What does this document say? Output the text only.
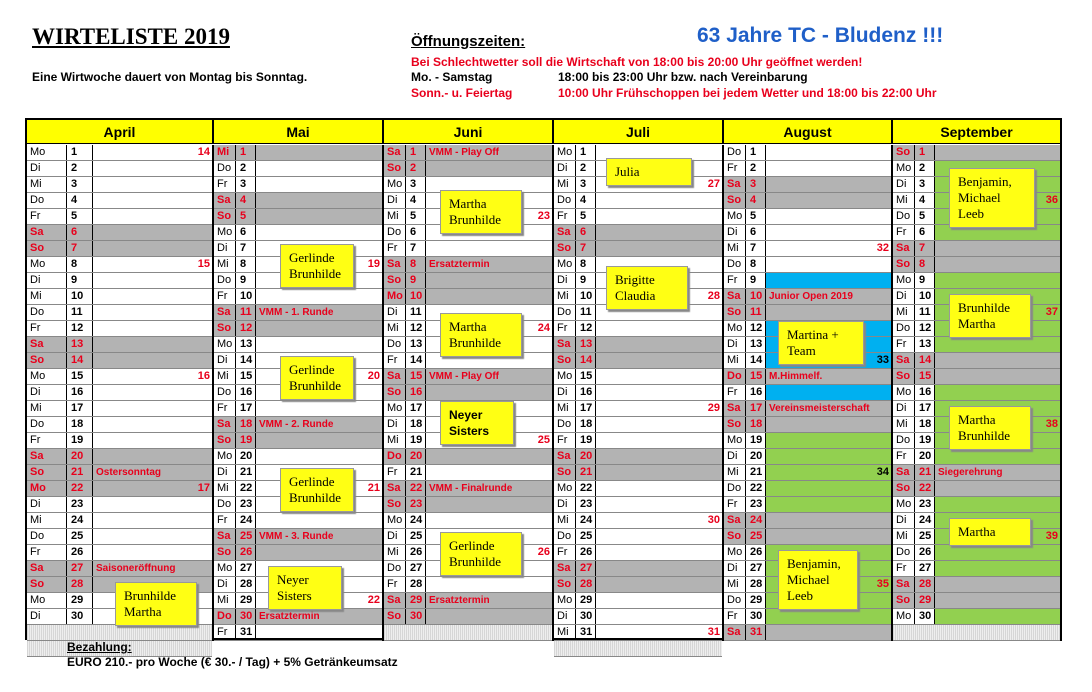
WIRTELISTE 2019
Eine Wirtwoche dauert von Montag bis Sonntag.
Öffnungszeiten:	63 Jahre TC - Bludenz !!!
Bei Schlechtwetter soll die Wirtschaft von 18:00 bis 20:00 Uhr geöffnet werden!
Mo. - Samstag	18:00 bis 23:00 Uhr bzw. nach Vereinbarung
Sonn.- u. Feiertag	10:00 Uhr Frühschoppen bei jedem Wetter und 18:00 bis 22:00 Uhr
April
Mo	1	14
Di	2
Mi	3
Do	4
Fr	5
Sa	6
So	7
Mo	8	15
Di	9
Mi	10
Do	11
Fr	12
Sa	13
So	14
Mo	15	16
Di	16
Mi	17
Do	18
Fr	19
Sa	20
So	21	Ostersonntag
Mo	22	17
Di	23
Mi	24
Do	25
Fr	26
Sa	27	Saisoneröffnung
So	28
Mo	29
Di	30
Mai
Mi 1
Do 2
Fr	3
Sa 4
So 5
Mo 6
Di	7
Mi	8	19
Do 9
Fr	10
Sa 11 VMM - 1. Runde
So 12
Mo 13
Di	14
Mi	15	20
Do 16
Fr	17
Sa 18 VMM - 2. Runde
So 19
Mo 20
Di	21
Mi	22	21
Do 23
Fr	24
Sa 25 VMM - 3. Runde
So 26
Mo 27
Di	28
Mi	29	22
Do 30 Ersatztermin
Fr	31
Juni
Sa 1	VMM - Play Off
So 2
Mo 3
Di	4
Mi	5	23
Do 6
Fr	7
Sa 8	Ersatztermin
So 9
Mo 10
Di	11
Mi	12	24
Do 13
Fr	14
Sa 15 VMM - Play Off
So 16
Mo 17
Di	18
Mi	19	25
Do 20
Fr	21
Sa 22 VMM - Finalrunde
So 23
Mo 24
Di	25
Mi	26	26
Do 27
Fr	28
Sa 29 Ersatztermin
So 30
Juli
Mo 1
Di	2
Mi	3	27
Do 4
Fr	5
Sa 6
So 7
Mo 8
Di	9
Mi	10	28
Do 11
Fr	12
Sa 13
So 14
Mo 15
Di	16
Mi	17	29
Do 18
Fr	19
Sa 20
So 21
Mo 22
Di	23
Mi	24	30
Do 25
Fr	26
Sa 27
So 28
Mo 29
Di	30
Mi	31	31
August
Do 1
Fr	2
Sa 3
So 4
Mo 5
Di	6
Mi	7	32
Do 8
Fr	9
Sa 10 Junior Open 2019
So 11
Mo 12
Di	13
Mi	14	33
Do 15 M.Himmelf.
Fr	16
Sa 17 Vereinsmeisterschaft
So 18
Mo 19
Di	20
Mi	21	34
Do 22
Fr	23
Sa 24
So 25
Mo 26
Di	27
Mi	28	35
Do 29
Fr	30
Sa 31
September
So 1
Mo 2
Di	3
Mi	4	36
Do 5
Fr	6
Sa 7
So 8
Mo 9
Di	10
Mi	11	37
Do 12
Fr	13
Sa 14
So 15
Mo 16
Di	17
Mi	18	38
Do 19
Fr	20
Sa 21 Siegerehrung
So 22
Mo 23
Di	24
Mi	25	39
Do 26
Fr	27
Sa 28
So 29
Mo 30
Brunhilde
Martha
Gerlinde
Brunhilde
Gerlinde
Brunhilde
Gerlinde
Brunhilde
Neyer
Sisters
Martha
Brunhilde
Martha
Brunhilde
Neyer
Sisters
Gerlinde
Brunhilde
Julia
Brigitte
Claudia
Martina +
Team
Benjamin,
Michael
Leeb
Benjamin,
Michael
Leeb
Brunhilde
Martha
Martha
Brunhilde
Martha
Bezahlung:
EURO 210.- pro Woche (€ 30.- / Tag) + 5% Getränkeumsatz
